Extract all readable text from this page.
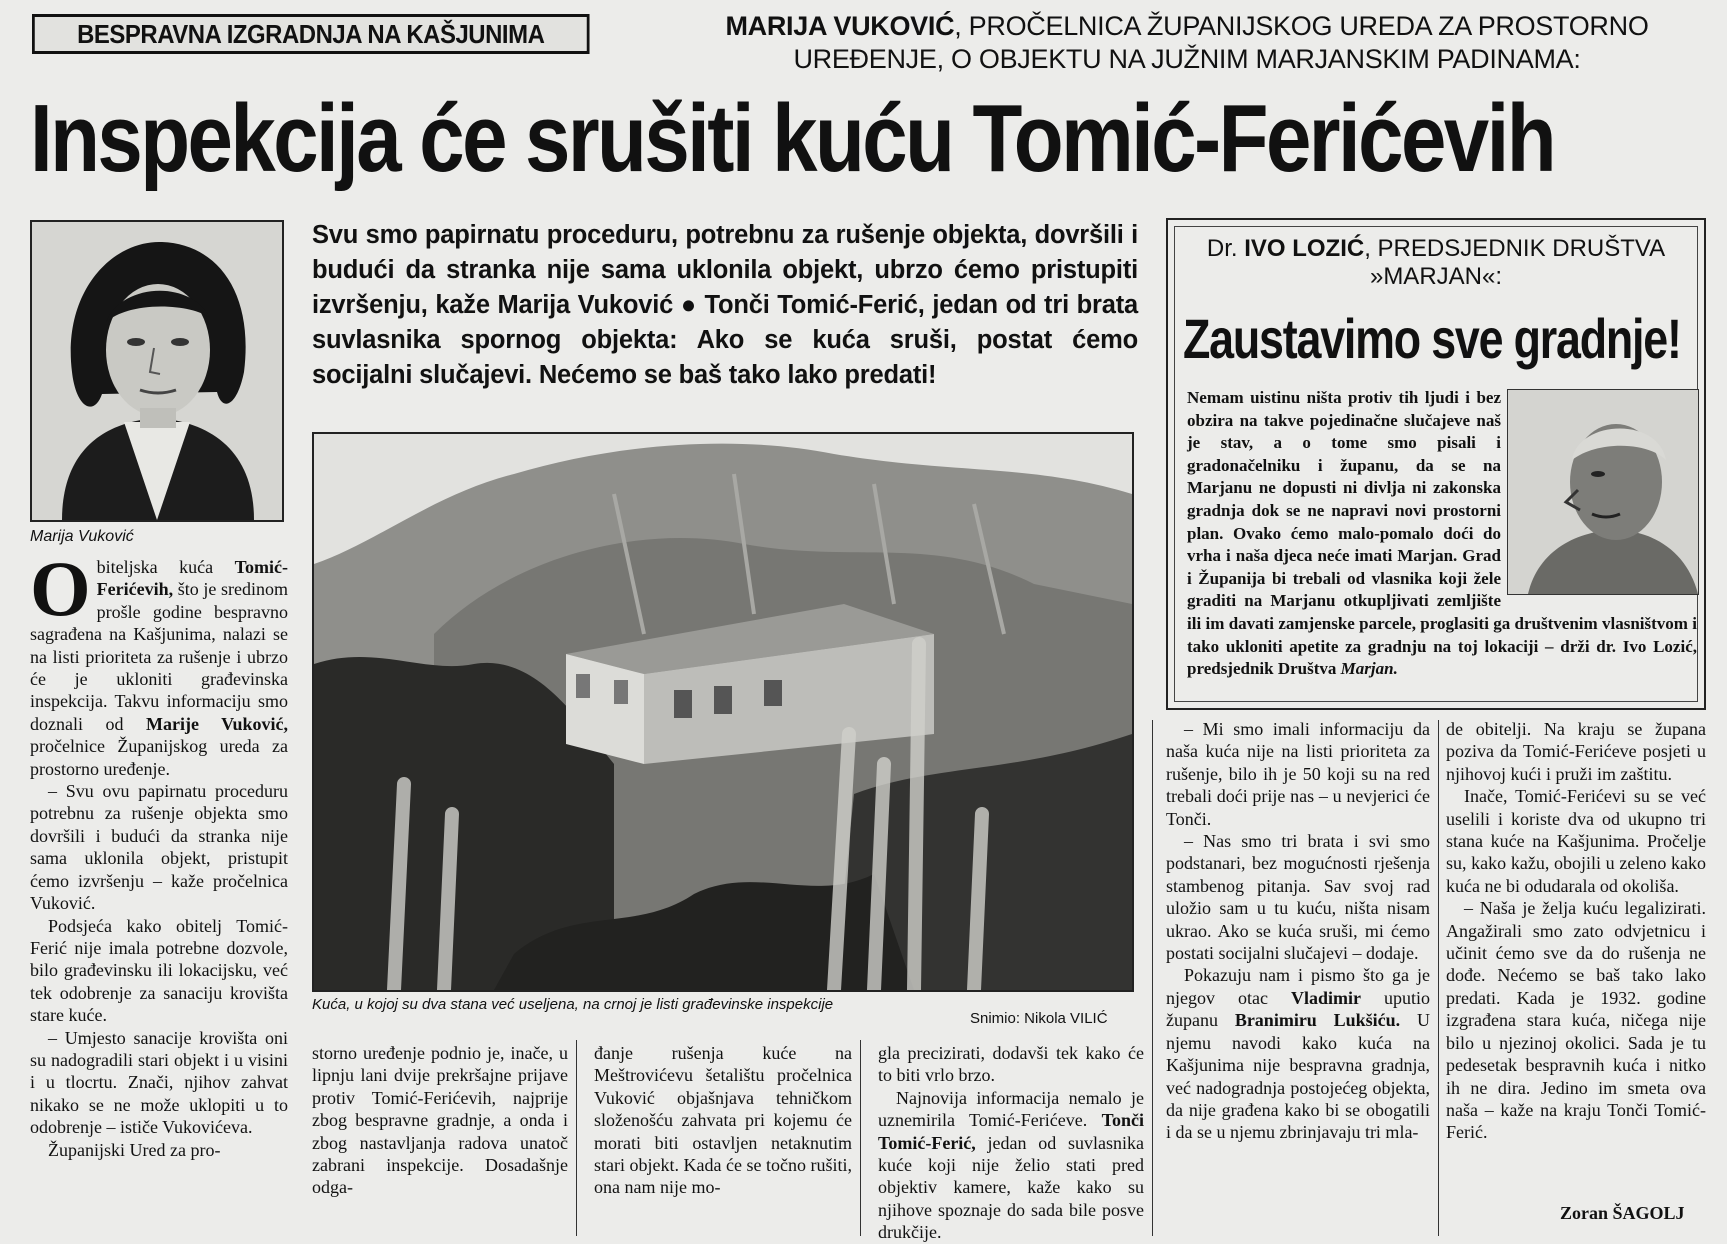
BESPRAVNA IZGRADNJA NA KAŠJUNIMA	MARIJA VUKOVIĆ, PROČELNICA ŽUPANIJSKOG UREDA ZA PROSTORNO UREĐENJE, O OBJEKTU NA JUŽNIM MARJANSKIM PADINAMA:
Inspekcija će srušiti kuću Tomić-Ferićevih
Marija Vuković
Svu smo papirnatu proceduru, potrebnu za rušenje objekta, dovršili i budući da stranka nije sama uklonila objekt, ubrzo ćemo pristupiti izvršenju, kaže Marija Vuković ● Tonči Tomić-Ferić, jedan od tri brata suvlasnika spornog objekta: Ako se kuća sruši, postat ćemo socijalni slučajevi. Nećemo se baš tako lako predati!
Kuća, u kojoj su dva stana već useljena, na crnoj je listi građevinske inspekcije
Snimio: Nikola VILIĆ

Obiteljska kuća Tomić-Ferićevih, što je sredinom prošle godine bespravno sagrađena na Kašjunima, nalazi se na listi prioriteta za rušenje i ubrzo će je ukloniti građevinska inspekcija. Takvu informaciju smo doznali od Marije Vuković, pročelnice Županijskog ureda za prostorno uređenje.

– Svu ovu papirnatu proceduru potrebnu za rušenje objekta smo dovršili i budući da stranka nije sama uklonila objekt, pristupit ćemo izvršenju – kaže pročelnica Vuković.

Podsjeća kako obitelj Tomić-Ferić nije imala potrebne dozvole, bilo građevinsku ili lokacijsku, već tek odobrenje za sanaciju krovišta stare kuće.

– Umjesto sanacije krovišta oni su nadogradili stari objekt i u visini i u tlocrtu. Znači, njihov zahvat nikako se ne može uklopiti u to odobrenje – ističe Vukovićeva.

Županijski Ured za pro-

storno uređenje podnio je, inače, u lipnju lani dvije prekršajne prijave protiv Tomić-Ferićevih, najprije zbog bespravne gradnje, a onda i zbog nastavljanja radova unatoč zabrani inspekcije. Dosadašnje odga-

đanje rušenja kuće na Meštrovićevu šetalištu pročelnica Vuković objašnjava tehničkom složenošću zahvata pri kojemu će morati biti ostavljen netaknutim stari objekt. Kada će se točno rušiti, ona nam nije mo-

gla precizirati, dodavši tek kako će to biti vrlo brzo.

Najnovija informacija nemalo je uznemirila Tomić-Ferićeve. Tonči Tomić-Ferić, jedan od suvlasnika kuće koji nije želio stati pred objektiv kamere, kaže kako su njihove spoznaje do sada bile posve drukčije.

– Mi smo imali informaciju da naša kuća nije na listi prioriteta za rušenje, bilo ih je 50 koji su na red trebali doći prije nas – u nevjerici će Tonči.

– Nas smo tri brata i svi smo podstanari, bez mogućnosti rješenja stambenog pitanja. Sav svoj rad uložio sam u tu kuću, ništa nisam ukrao. Ako se kuća sruši, mi ćemo postati socijalni slučajevi – dodaje.

Pokazuju nam i pismo što ga je njegov otac Vladimir uputio županu Branimiru Lukšiću. U njemu navodi kako kuća na Kašjunima nije bespravna gradnja, već nadogradnja postojećeg objekta, da nije građena kako bi se obogatili i da se u njemu zbrinjavaju tri mla-

de obitelji. Na kraju se župana poziva da Tomić-Ferićeve posjeti u njihovoj kući i pruži im zaštitu.

Inače, Tomić-Ferićevi su se već uselili i koriste dva od ukupno tri stana kuće na Kašjunima. Pročelje su, kako kažu, obojili u zeleno kako kuća ne bi odudarala od okoliša.

– Naša je želja kuću legalizirati. Angažirali smo zato odvjetnicu i učinit ćemo sve da do rušenja ne dođe. Nećemo se baš tako lako predati. Kada je 1932. godine izgrađena stara kuća, ničega nije bilo u njezinoj okolici. Sada je tu pedesetak bespravnih kuća i nitko ih ne dira. Jedino im smeta ova naša – kaže na kraju Tonči Tomić-Ferić.

Zoran ŠAGOLJ
Dr. IVO LOZIĆ, PREDSJEDNIK DRUŠTVA »MARJAN«:
Zaustavimo sve gradnje!
Nemam uistinu ništa protiv tih ljudi i bez obzira na takve pojedinačne slučajeve naš je stav, a o tome smo pisali i gradonačelniku i županu, da se na Marjanu ne dopusti ni divlja ni zakonska gradnja dok se ne napravi novi prostorni plan. Ovako ćemo malo-pomalo doći do vrha i naša djeca neće imati Marjan. Grad i Županija bi trebali od vlasnika koji žele graditi na Marjanu otkupljivati zemljište ili im davati zamjenske parcele, proglasiti ga društvenim vlasništvom i tako ukloniti apetite za gradnju na toj lokaciji – drži dr. Ivo Lozić, predsjednik Društva Marjan.
